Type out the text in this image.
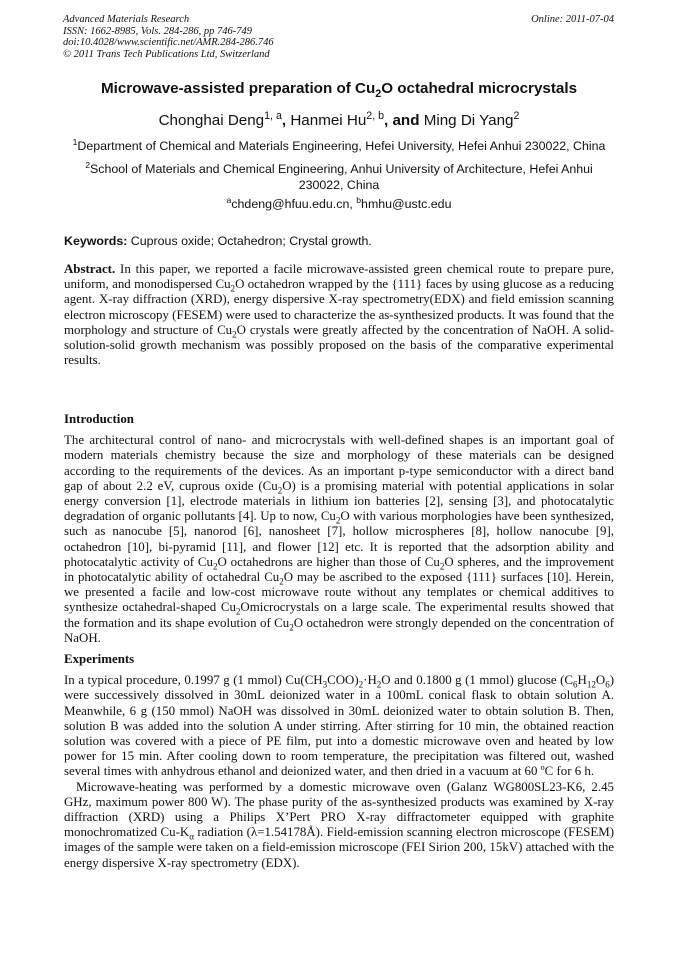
Advanced Materials Research
ISSN: 1662-8985, Vols. 284-286, pp 746-749
doi:10.4028/www.scientific.net/AMR.284-286.746
© 2011 Trans Tech Publications Ltd, Switzerland
Online: 2011-07-04
Microwave-assisted preparation of $Cu_2O$ octahedral microcrystals
Chonghai Deng$^{1, a}$, Hanmei Hu$^{2, b}$, and Ming Di Yang$^2$
$^1$Department of Chemical and Materials Engineering, Hefei University, Hefei Anhui 230022, China
$^2$School of Materials and Chemical Engineering, Anhui University of Architecture, Hefei Anhui 230022, China
$^a$chdeng@hfuu.edu.cn, $^b$hmhu@ustc.edu
Keywords: Cuprous oxide; Octahedron; Crystal growth.

Abstract. In this paper, we reported a facile microwave-assisted green chemical route to prepare pure, uniform, and monodispersed $Cu_2O$ octahedron wrapped by the {111} faces by using glucose as a reducing agent. X-ray diffraction (XRD), energy dispersive X-ray spectrometry(EDX) and field emission scanning electron microscopy (FESEM) were used to characterize the as-synthesized products. It was found that the morphology and structure of $Cu_2O$ crystals were greatly affected by the concentration of NaOH. A solid-solution-solid growth mechanism was possibly proposed on the basis of the comparative experimental results.

Introduction

The architectural control of nano- and microcrystals with well-defined shapes is an important goal of modern materials chemistry because the size and morphology of these materials can be designed according to the requirements of the devices. As an important p-type semiconductor with a direct band gap of about 2.2 eV, cuprous oxide $(Cu_2O)$ is a promising material with potential applications in solar energy conversion [1], electrode materials in lithium ion batteries [2], sensing [3], and photocatalytic degradation of organic pollutants [4]. Up to now, $Cu_2O$ with various morphologies have been synthesized, such as nanocube [5], nanorod [6], nanosheet [7], hollow microspheres [8], hollow nanocube [9], octahedron [10], bi-pyramid [11], and flower [12] etc. It is reported that the adsorption ability and photocatalytic activity of $Cu_2O$ octahedrons are higher than those of $Cu_2O$ spheres, and the improvement in photocatalytic ability of octahedral $Cu_2O$ may be ascribed to the exposed {111} surfaces [10]. Herein, we presented a facile and low-cost microwave route without any templates or chemical additives to synthesize octahedral-shaped $Cu_2Omicrocrystals$ on a large scale. The experimental results showed that the formation and its shape evolution of $Cu_2O$ octahedron were strongly depended on the concentration of NaOH.

Experiments

In a typical procedure, 0.1997 g (1 mmol) $Cu(CH_3COO)_2\cdot H_2O$ and 0.1800 g (1 mmol) glucose $(C_6H_{12}O_6)$ were successively dissolved in 30mL deionized water in a 100mL conical flask to obtain solution A. Meanwhile, 6 g (150 mmol) NaOH was dissolved in 30mL deionized water to obtain solution B. Then, solution B was added into the solution A under stirring. After stirring for 10 min, the obtained reaction solution was covered with a piece of PE film, put into a domestic microwave oven and heated by low power for 15 min. After cooling down to room temperature, the precipitation was filtered out, washed several times with anhydrous ethanol and deionized water, and then dried in a vacuum at 60 ºC for 6 h.

Microwave-heating was performed by a domestic microwave oven (Galanz WG800SL23-K6, 2.45 GHz, maximum power 800 W). The phase purity of the as-synthesized products was examined by X-ray diffraction (XRD) using a Philips X’Pert PRO X-ray diffractometer equipped with graphite monochromatized $Cu-K_\alpha$ radiation (λ=1.54178Å). Field-emission scanning electron microscope (FESEM) images of the sample were taken on a field-emission microscope (FEI Sirion 200, 15kV) attached with the energy dispersive X-ray spectrometry (EDX).
